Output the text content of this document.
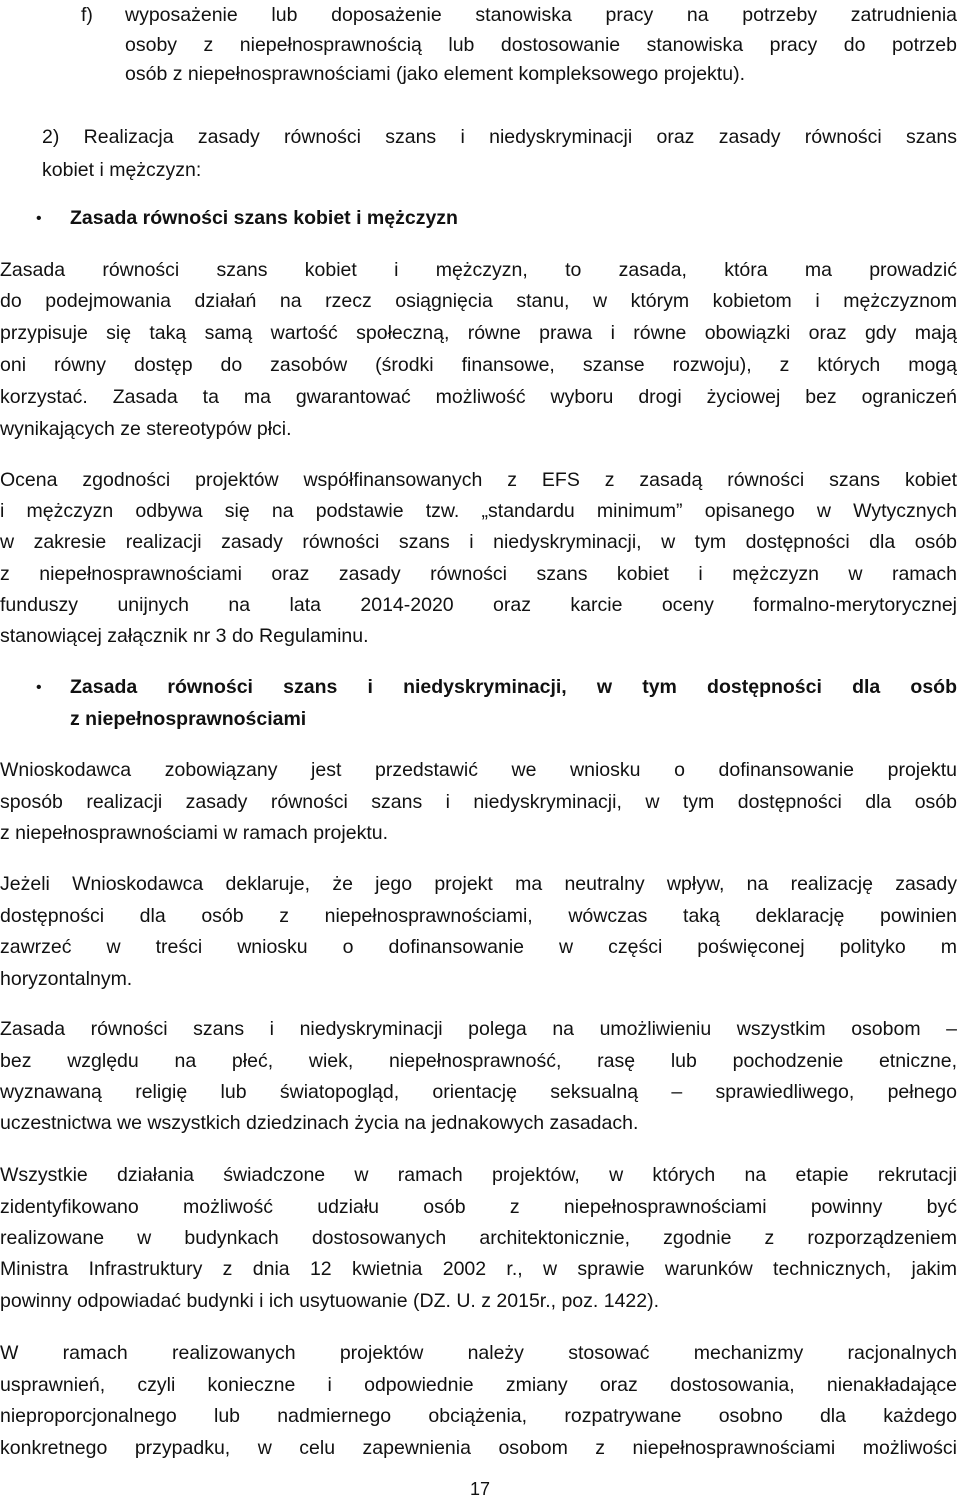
f) wyposażenie lub doposażenie stanowiska pracy na potrzeby zatrudnienia
osoby z niepełnosprawnością lub dostosowanie stanowiska pracy do potrzeb
osób z niepełnosprawnościami (jako element kompleksowego projektu).
2) Realizacja zasady równości szans i niedyskryminacji oraz zasady równości szans
kobiet i mężczyzn:
• Zasada równości szans kobiet i mężczyzn
Zasada równości szans kobiet i mężczyzn, to zasada, która ma prowadzić
do podejmowania działań na rzecz osiągnięcia stanu, w którym kobietom i mężczyznom
przypisuje się taką samą wartość społeczną, równe prawa i równe obowiązki oraz gdy mają
oni równy dostęp do zasobów (środki finansowe, szanse rozwoju), z których mogą
korzystać. Zasada ta ma gwarantować możliwość wyboru drogi życiowej bez ograniczeń
wynikających ze stereotypów płci.
Ocena zgodności projektów współfinansowanych z EFS z zasadą równości szans kobiet
i mężczyzn odbywa się na podstawie tzw. „standardu minimum” opisanego w Wytycznych
w zakresie realizacji zasady równości szans i niedyskryminacji, w tym dostępności dla osób
z niepełnosprawnościami oraz zasady równości szans kobiet i mężczyzn w ramach
funduszy unijnych na lata 2014-2020 oraz karcie oceny formalno-merytorycznej
stanowiącej załącznik nr 3 do Regulaminu.
• Zasada równości szans i niedyskryminacji, w tym dostępności dla osób
z niepełnosprawnościami
Wnioskodawca zobowiązany jest przedstawić we wniosku o dofinansowanie projektu
sposób realizacji zasady równości szans i niedyskryminacji, w tym dostępności dla osób
z niepełnosprawnościami w ramach projektu.
Jeżeli Wnioskodawca deklaruje, że jego projekt ma neutralny wpływ, na realizację zasady
dostępności dla osób z niepełnosprawnościami, wówczas taką deklarację powinien
zawrzeć w treści wniosku o dofinansowanie w części poświęconej polityko m
horyzontalnym.
Zasada równości szans i niedyskryminacji polega na umożliwieniu wszystkim osobom –
bez względu na płeć, wiek, niepełnosprawność, rasę lub pochodzenie etniczne,
wyznawaną religię lub światopogląd, orientację seksualną – sprawiedliwego, pełnego
uczestnictwa we wszystkich dziedzinach życia na jednakowych zasadach.
Wszystkie działania świadczone w ramach projektów, w których na etapie rekrutacji
zidentyfikowano możliwość udziału osób z niepełnosprawnościami powinny być
realizowane w budynkach dostosowanych architektonicznie, zgodnie z rozporządzeniem
Ministra Infrastruktury z dnia 12 kwietnia 2002 r., w sprawie warunków technicznych, jakim
powinny odpowiadać budynki i ich usytuowanie (DZ. U. z 2015r., poz. 1422).
W ramach realizowanych projektów należy stosować mechanizmy racjonalnych
usprawnień, czyli konieczne i odpowiednie zmiany oraz dostosowania, nienakładające
nieproporcjonalnego lub nadmiernego obciążenia, rozpatrywane osobno dla każdego
konkretnego przypadku, w celu zapewnienia osobom z niepełnosprawnościami możliwości
17
